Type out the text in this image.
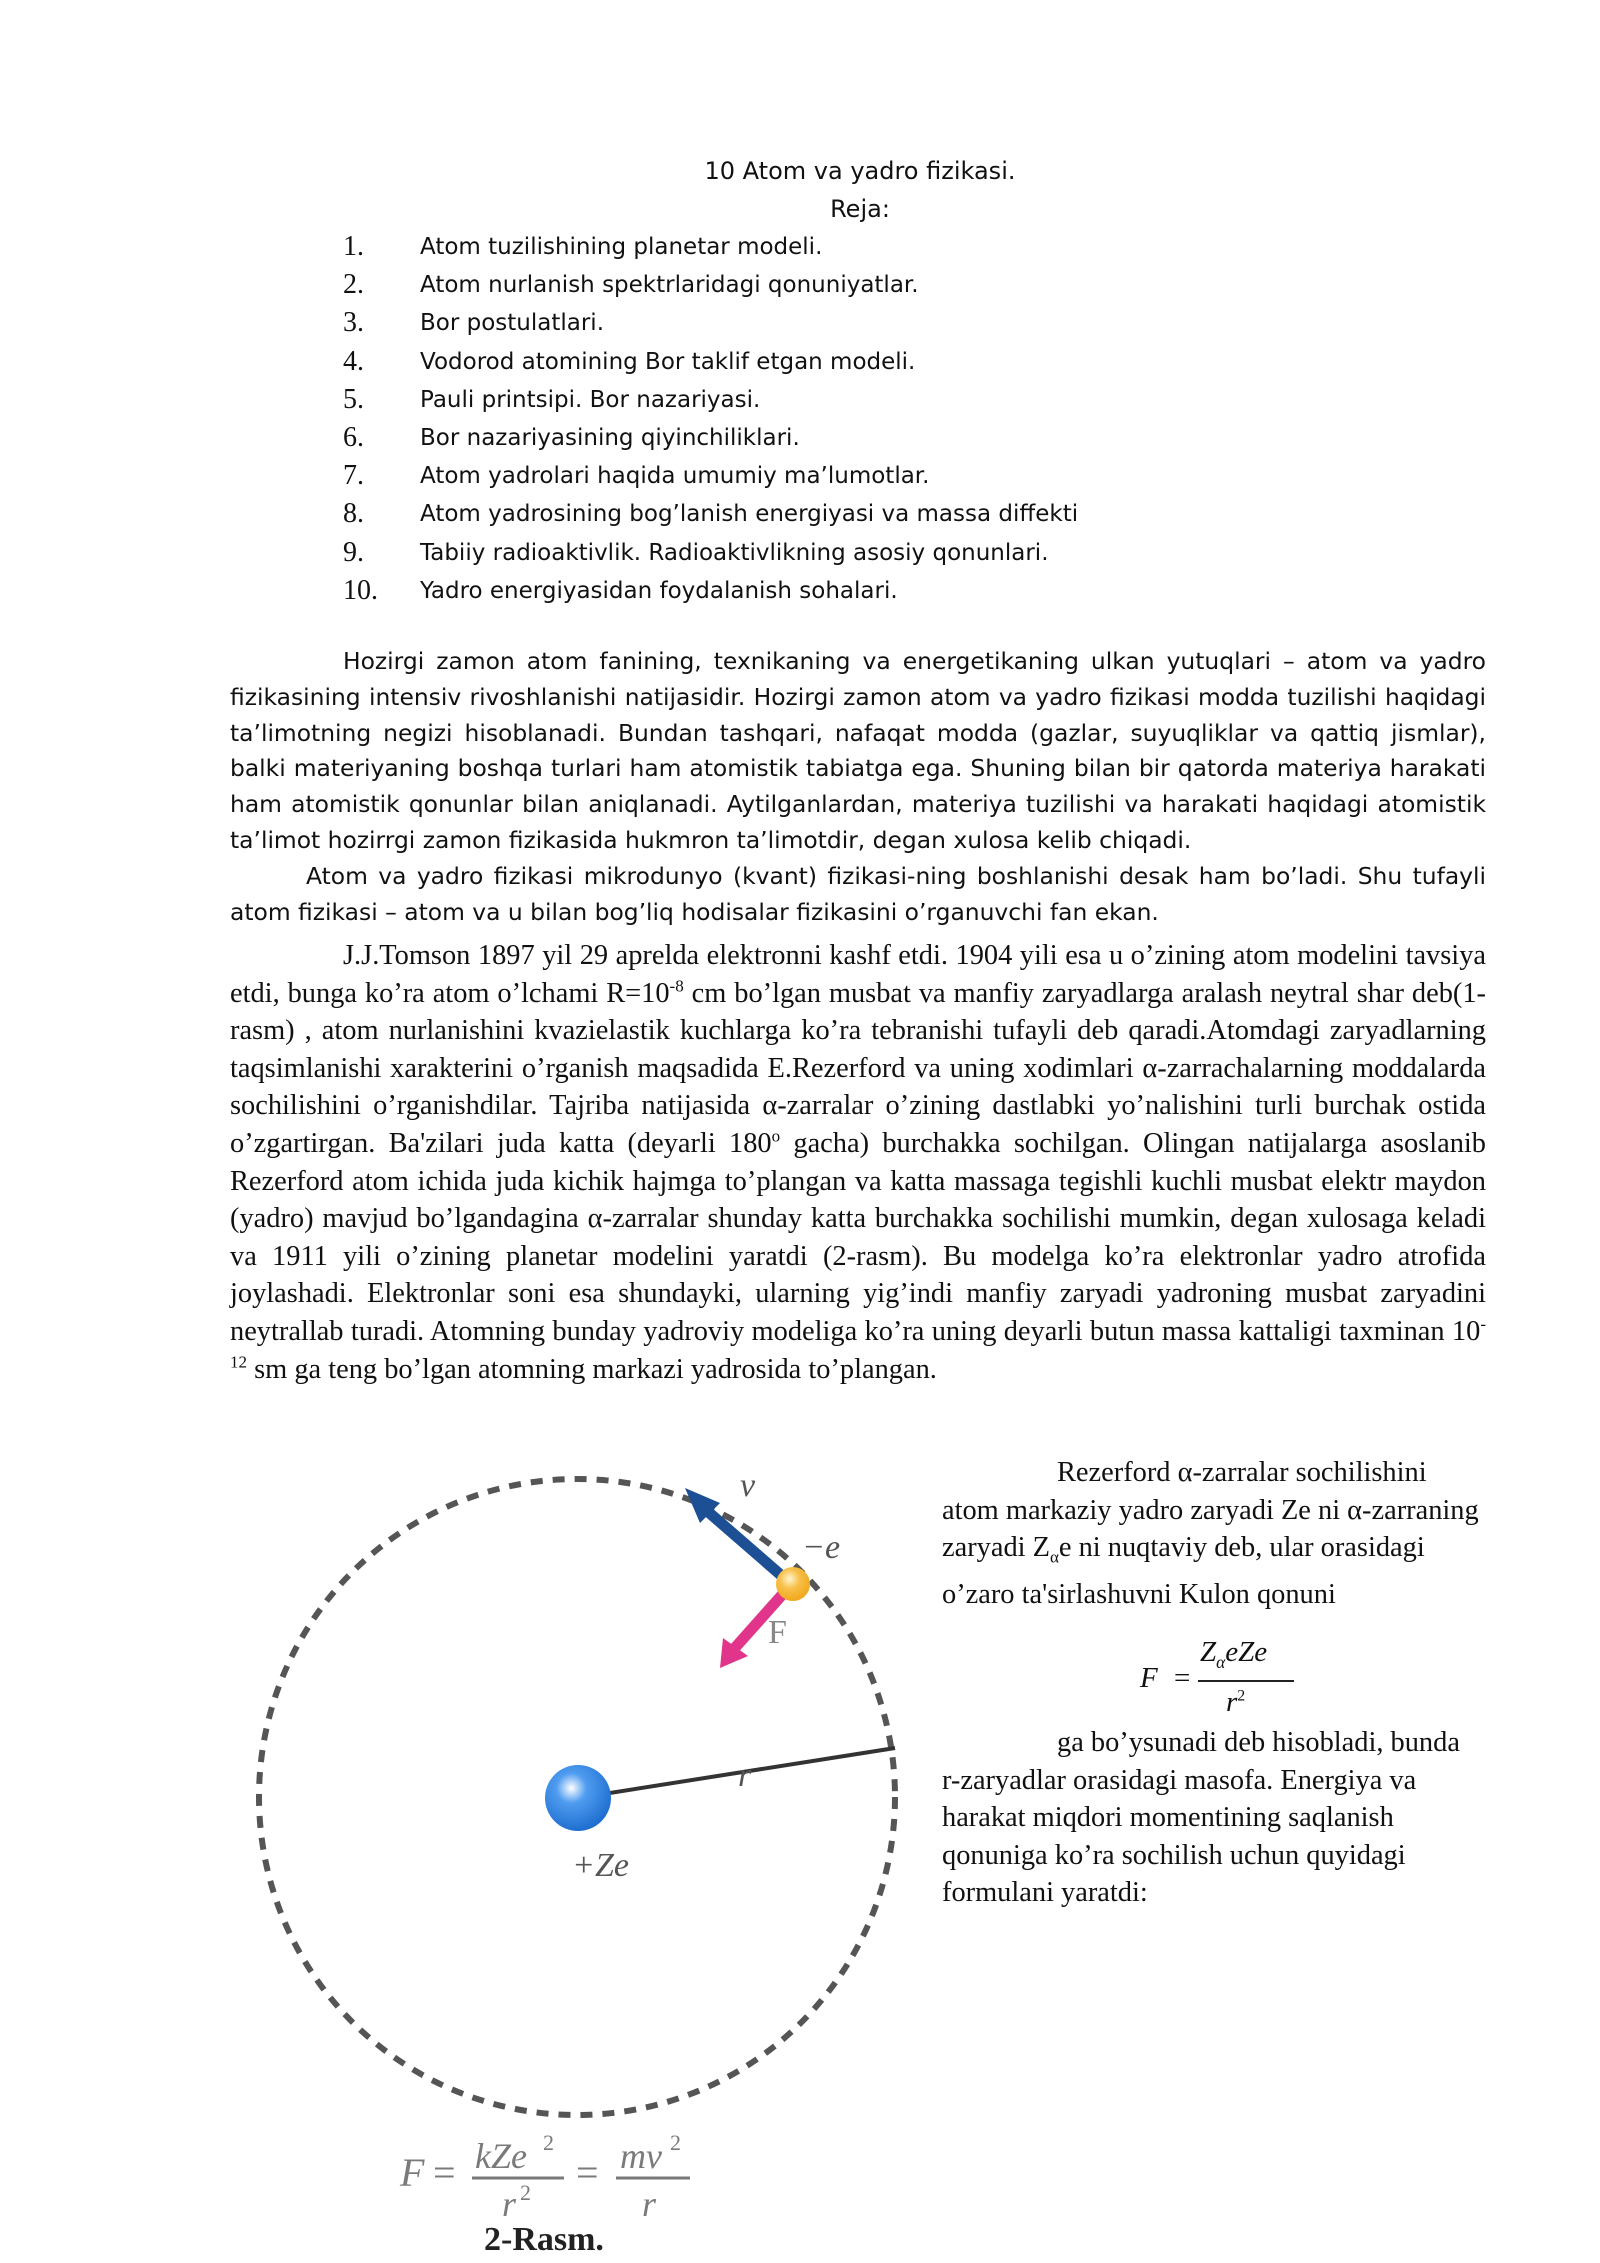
10 Atom va yadro fizikasi.
Reja:
1.	Atom tuzilishining planetar modeli.
2.	Atom nurlanish spektrlaridagi qonuniyatlar.
3.	Bor postulatlari.
4.	Vodorod atomining Bor taklif etgan modeli.
5.	Pauli printsipi. Bor nazariyasi.
6.	Bor nazariyasining qiyinchiliklari.
7.	Atom yadrolari haqida umumiy ma’lumotlar.
8.	Atom yadrosining bog’lanish energiyasi va massa diffekti
9.	Tabiiy radioaktivlik. Radioaktivlikning asosiy qonunlari.
10.	Yadro energiyasidan foydalanish sohalari.

Hozirgi zamon atom fanining, texnikaning va energetikaning ulkan yutuqlari – atom va yadro fizikasining intensiv rivoshlanishi natijasidir. Hozirgi zamon atom va yadro fizikasi modda tuzilishi haqidagi ta’limotning negizi hisoblanadi. Bundan tashqari, nafaqat modda (gazlar, suyuqliklar va qattiq jismlar), balki materiyaning boshqa turlari ham atomistik tabiatga ega. Shuning bilan bir qatorda materiya harakati ham atomistik qonunlar bilan aniqlanadi. Aytilganlardan, materiya tuzilishi va harakati haqidagi atomistik ta’limot hozirrgi zamon fizikasida hukmron ta’limotdir, degan xulosa kelib chiqadi.

Atom va yadro fizikasi mikrodunyo (kvant) fizikasi-ning boshlanishi desak ham bo’ladi. Shu tufayli atom fizikasi – atom va u bilan bog’liq hodisalar fizikasini o’rganuvchi fan ekan.

J.J.Tomson 1897 yil 29 aprelda elektronni kashf etdi. 1904 yili esa u o’zining atom modelini tavsiya etdi, bunga ko’ra atom o’lchami $R=10^{-8}$ cm bo’lgan musbat va manfiy zaryadlarga aralash neytral shar deb(1-rasm) , atom nurlanishini kvazielastik kuchlarga ko’ra tebranishi tufayli deb qaradi.Atomdagi zaryadlarning taqsimlanishi xarakterini o’rganish maqsadida E.Rezerford va uning xodimlari α-zarrachalarning moddalarda sochilishini o’rganishdilar. Tajriba natijasida α-zarralar o’zining dastlabki yo’nalishini turli burchak ostida o’zgartirgan. Ba'zilari juda katta (deyarli 180$^o$ gacha) burchakka sochilgan. Olingan natijalarga asoslanib Rezerford atom ichida juda kichik hajmga to’plangan va katta massaga tegishli kuchli musbat elektr maydon (yadro) mavjud bo’lgandagina α-zarralar shunday katta burchakka sochilishi mumkin, degan xulosaga keladi va 1911 yili o’zining planetar modelini yaratdi (2-rasm). Bu modelga ko’ra elektronlar yadro atrofida joylashadi. Elektronlar soni esa shundayki, ularning yig’indi manfiy zaryadi yadroning musbat zaryadini neytrallab turadi. Atomning bunday yadroviy modeliga ko’ra uning deyarli butun massa kattaligi taxminan $10^{-12}$ sm ga teng bo’lgan atomning markazi yadrosida to’plangan.

Rezerford α-zarralar sochilishini atom markaziy yadro zaryadi Ze ni α-zarraning zaryadi $Z_\alpha e$ ni nuqtaviy deb, ular orasidagi o’zaro ta'sirlashuvni Kulon qonuni

F =
$Z_\alpha eZe$
$r^2$

ga bo’ysunadi deb hisobladi, bunda r-zaryadlar orasidagi masofa. Energiya va harakat miqdori momentining saqlanish qonuniga ko’ra sochilish uchun quyidagi formulani yaratdi:

v
−e
F
r
+Ze
F = kZe 2
r 2 = mv 2
r
2-Rasm.
